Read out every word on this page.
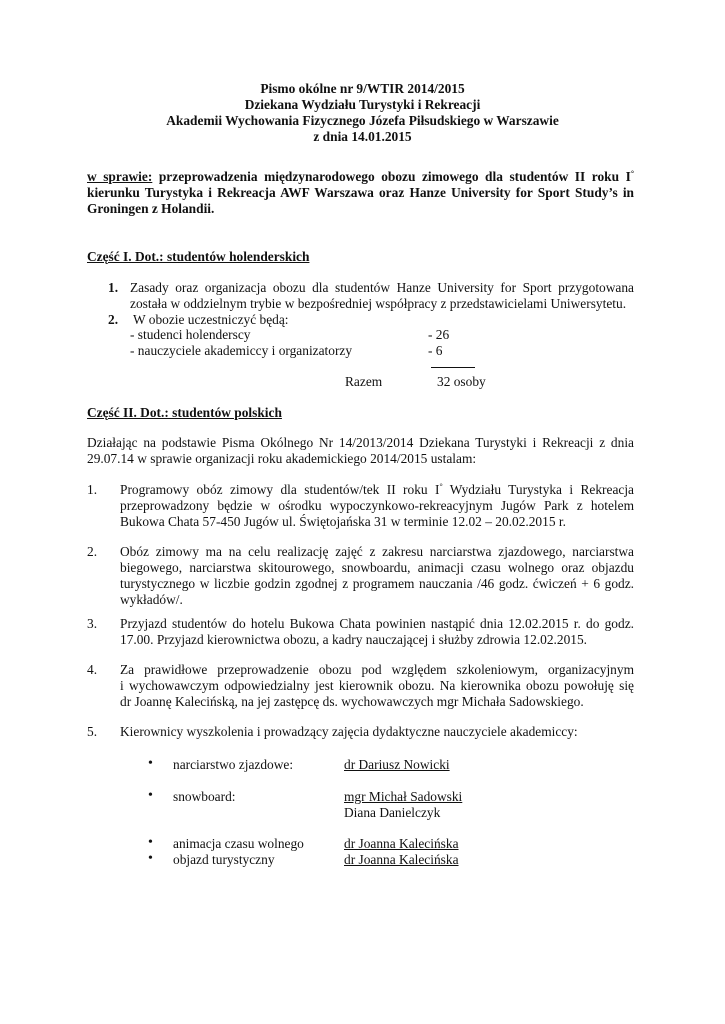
Pismo okólne nr 9/WTIR 2014/2015
Dziekana Wydziału Turystyki i Rekreacji
Akademii Wychowania Fizycznego Józefa Piłsudskiego w Warszawie
z dnia 14.01.2015
w sprawie: przeprowadzenia międzynarodowego obozu zimowego dla studentów II roku I°
kierunku Turystyka i Rekreacja AWF Warszawa oraz Hanze University for Sport Study’s in
Groningen z Holandii.
Część I. Dot.: studentów holenderskich
1. Zasady oraz organizacja obozu dla studentów Hanze University for Sport przygotowana
została w oddzielnym trybie w bezpośredniej współpracy z przedstawicielami Uniwersytetu.
2. W obozie uczestniczyć będą:
- studenci holenderscy	- 26
- nauczyciele akademiccy i organizatorzy	- 6
Razem	32 osoby
Część II. Dot.: studentów polskich
Działając na podstawie Pisma Okólnego Nr 14/2013/2014 Dziekana Turystyki i Rekreacji z dnia
29.07.14 w sprawie organizacji roku akademickiego 2014/2015 ustalam:
1. Programowy obóz zimowy dla studentów/tek II roku I° Wydziału Turystyka i Rekreacja
przeprowadzony będzie w ośrodku wypoczynkowo-rekreacyjnym Jugów Park z hotelem
Bukowa Chata 57-450 Jugów ul. Świętojańska 31 w terminie 12.02 – 20.02.2015 r.
2. Obóz zimowy ma na celu realizację zajęć z zakresu narciarstwa zjazdowego, narciarstwa
biegowego, narciarstwa skitourowego, snowboardu, animacji czasu wolnego oraz objazdu
turystycznego w liczbie godzin zgodnej z programem nauczania /46 godz. ćwiczeń + 6 godz.
wykładów/.
3. Przyjazd studentów do hotelu Bukowa Chata powinien nastąpić dnia 12.02.2015 r. do godz.
17.00. Przyjazd kierownictwa obozu, a kadry nauczającej i służby zdrowia 12.02.2015.
4. Za prawidłowe przeprowadzenie obozu pod względem szkoleniowym, organizacyjnym
i wychowawczym odpowiedzialny jest kierownik obozu. Na kierownika obozu powołuję się
dr Joannę Kalecińską, na jej zastępcę ds. wychowawczych mgr Michała Sadowskiego.
5. Kierownicy wyszkolenia i prowadzący zajęcia dydaktyczne nauczyciele akademiccy:
• narciarstwo zjazdowe:	dr Dariusz Nowicki
• snowboard:	mgr Michał Sadowski
Diana Danielczyk
• animacja czasu wolnego	dr Joanna Kalecińska
• objazd turystyczny	dr Joanna Kalecińska
